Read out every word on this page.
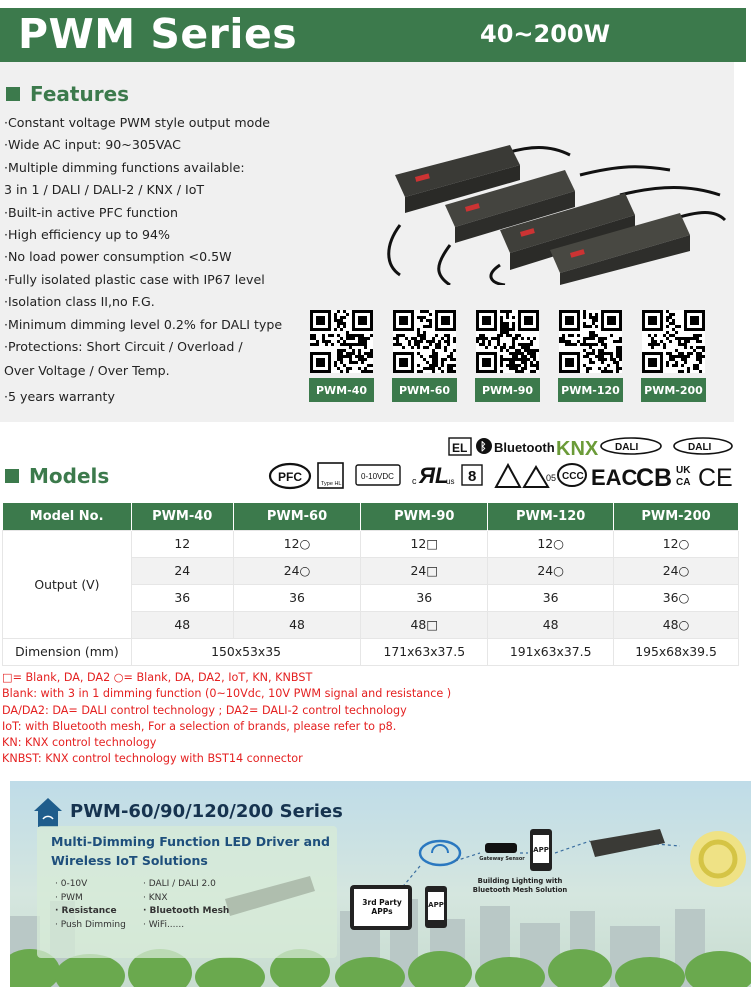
PWM Series	40~200W
Features
·Constant voltage PWM style output mode
·Wide AC input: 90~305VAC
·Multiple dimming functions available:
3 in 1 / DALI / DALI-2 / KNX / IoT
·Built-in active PFC function
·High efficiency up to 94%
·No load power consumption <0.5W
·Fully isolated plastic case with IP67 level
·Isolation class II,no F.G.
·Minimum dimming level 0.2% for DALI type
·Protections: Short Circuit / Overload /
Over Voltage / Over Temp.
·5 years warranty	PWM-40	PWM-60	PWM-90	PWM-120 PWM-200
EL ᛒ Bluetooth KNX DALI	DALI
PFC	Type HL
0-10VDC c ЯL
us 8	05 CCC EAC
CB UK
CA CE
Models
Model No.	PWM-40	PWM-60	PWM-90	PWM-120	PWM-200
Output (V)	12	12○	12□	12○	12○
	24	24○	24□	24○	24○
	36	36	36	36	36○
	48	48	48□	48	48○
Dimension (mm)	150x53x35		171x63x37.5	191x63x37.5	195x68x39.5
□= Blank, DA, DA2 ○= Blank, DA, DA2, IoT, KN, KNBST
Blank: with 3 in 1 dimming function (0~10Vdc, 10V PWM signal and resistance )
DA/DA2: DA= DALI control technology ; DA2= DALI-2 control technology
IoT: with Bluetooth mesh, For a selection of brands, please refer to p8.
KN: KNX control technology
KNBST: KNX control technology with BST14 connector
PWM-60/90/120/200 Series
Multi-Dimming Function LED Driver and
Wireless IoT Solutions
· 0-10V
· PWM
· Resistance
· Push Dimming
· DALI / DALI 2.0
· KNX
· Bluetooth Mesh
· WiFi......
3rd Party APPs
APP
APP
Gateway Sensor
Building Lighting with Bluetooth Mesh Solution
